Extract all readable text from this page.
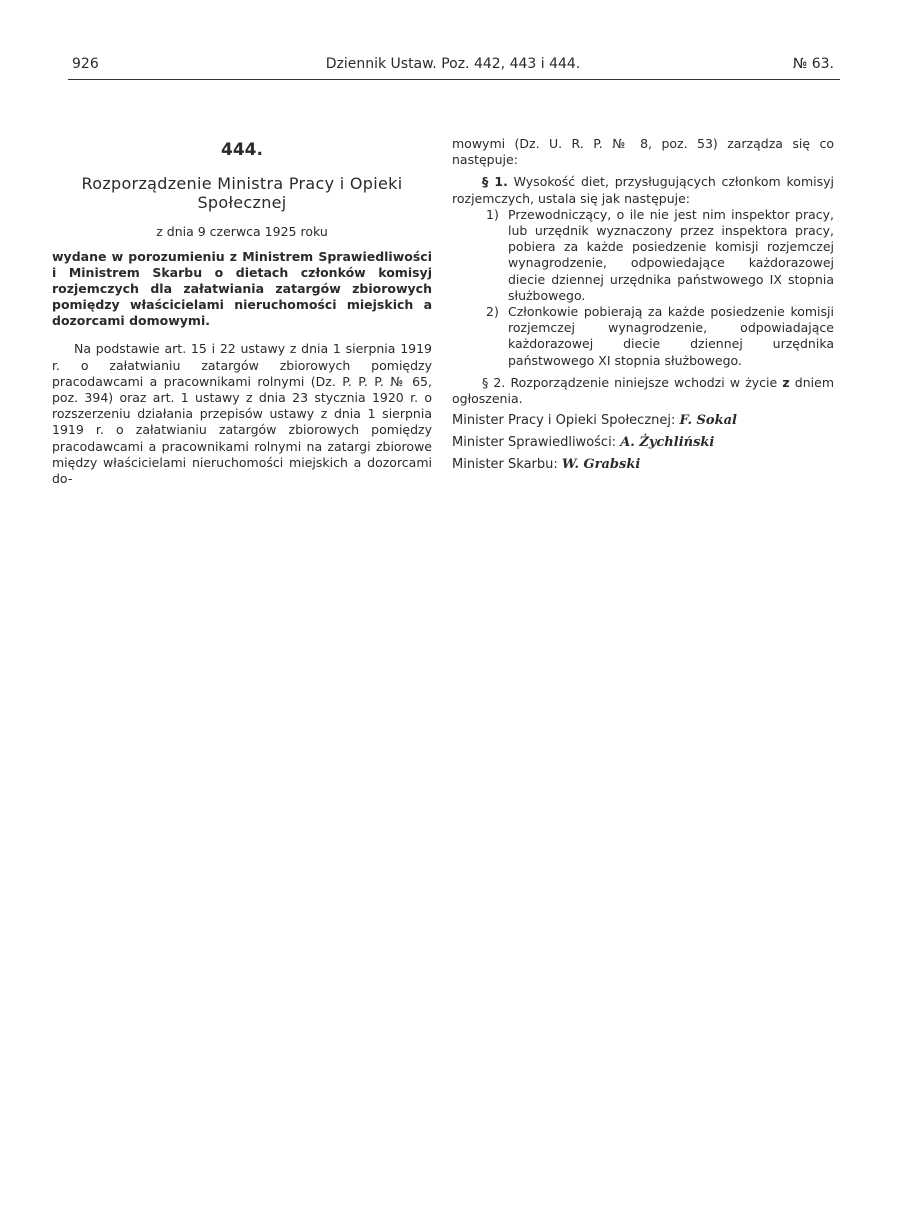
926	Dziennik Ustaw. Poz. 442, 443 i 444.	№ 63.
444.
Rozporządzenie Ministra Pracy i Opieki
Społecznej
z dnia 9 czerwca 1925 roku

wydane w porozumieniu z Ministrem Sprawiedliwości i Ministrem Skarbu o dietach członków komisyj rozjemczych dla załatwiania zatargów zbiorowych pomiędzy właścicielami nieruchomości miejskich a dozorcami domowymi.

Na podstawie art. 15 i 22 ustawy z dnia 1 sierpnia 1919 r. o załatwianiu zatargów zbiorowych pomiędzy pracodawcami a pracownikami rolnymi (Dz. P. P. P. № 65, poz. 394) oraz art. 1 ustawy z dnia 23 stycznia 1920 r. o rozszerzeniu działania przepisów ustawy z dnia 1 sierpnia 1919 r. o załatwianiu zatargów zbiorowych pomiędzy pracodawcami a pracownikami rolnymi na zatargi zbiorowe między właścicielami nieruchomości miejskich a dozorcami do-

mowymi (Dz. U. R. P. № 8, poz. 53) zarządza się co następuje:

§ 1. Wysokość diet, przysługujących członkom komisyj rozjemczych, ustala się jak następuje:

1) Przewodniczący, o ile nie jest nim inspektor pracy, lub urzędnik wyznaczony przez inspektora pracy, pobiera za każde posiedzenie komisji rozjemczej wynagrodzenie, odpowiedające każdorazowej diecie dziennej urzędnika państwowego IX stopnia służbowego.
2) Członkowie pobierają za każde posiedzenie komisji rozjemczej wynagrodzenie, odpowiadające każdorazowej diecie dziennej urzędnika państwowego XI stopnia służbowego.

§ 2. Rozporządzenie niniejsze wchodzi w życie z dniem ogłoszenia.

Minister Pracy i Opieki Społecznej: F. Sokal
Minister Sprawiedliwości: A. Żychliński
Minister Skarbu: W. Grabski
